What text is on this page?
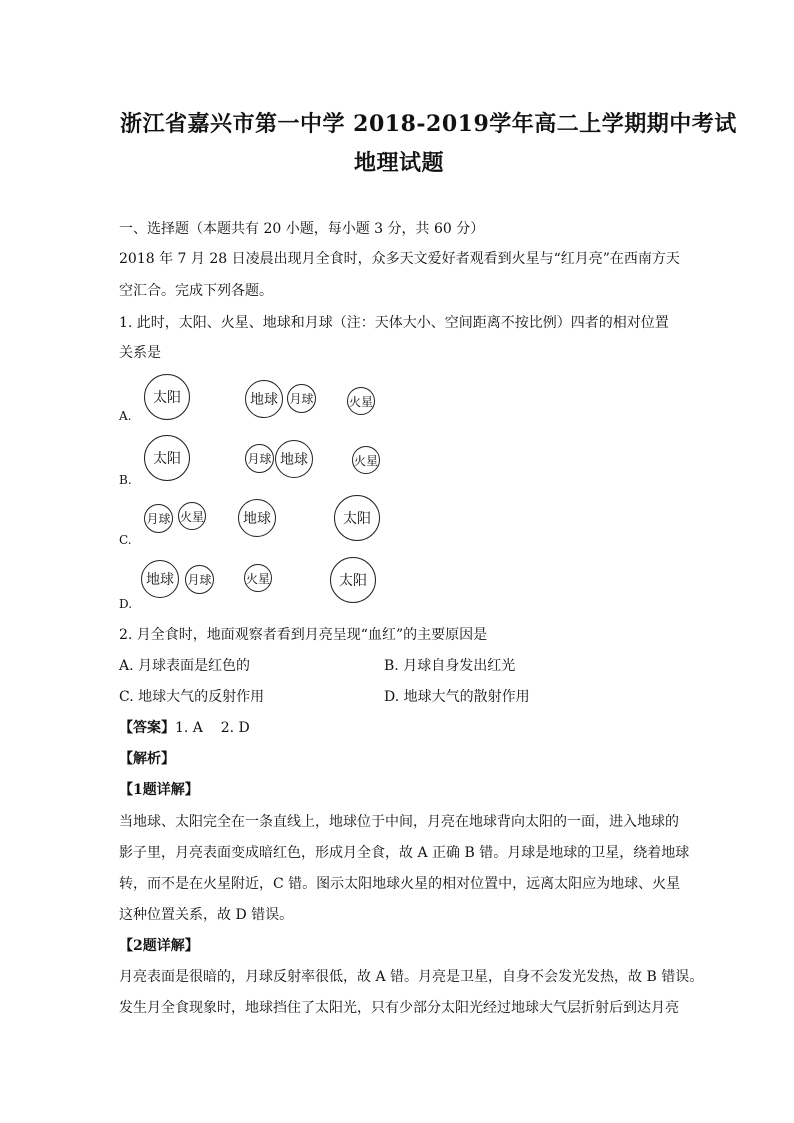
浙江省嘉兴市第一中学 2018-2019学年高二上学期期中考试
地理试题
一、选择题（本题共有 20 小题，每小题 3 分，共 60 分）
2018 年 7 月 28 日凌晨出现月全食时，众多天文爱好者观看到火星与“红月亮”在西南方天
空汇合。完成下列各题。
1. 此时，太阳、火星、地球和月球（注：天体大小、空间距离不按比例）四者的相对位置
关系是
A.
太阳	地球 月球	火星
B.
太阳	月球 地球	火星
C.
月球 火星	地球	太阳
D.
地球 月球	火星	太阳
2. 月全食时，地面观察者看到月亮呈现“血红”的主要原因是
A. 月球表面是红色的	B. 月球自身发出红光
C. 地球大气的反射作用	D. 地球大气的散射作用
【答案】1. A    2. D
【解析】
【1题详解】
当地球、太阳完全在一条直线上，地球位于中间，月亮在地球背向太阳的一面，进入地球的
影子里，月亮表面变成暗红色，形成月全食，故 A 正确 B 错。月球是地球的卫星，绕着地球
转，而不是在火星附近，C 错。图示太阳地球火星的相对位置中，远离太阳应为地球、火星
这种位置关系，故 D 错误。
【2题详解】
月亮表面是很暗的，月球反射率很低，故 A 错。月亮是卫星，自身不会发光发热，故 B 错误。
发生月全食现象时，地球挡住了太阳光，只有少部分太阳光经过地球大气层折射后到达月亮
